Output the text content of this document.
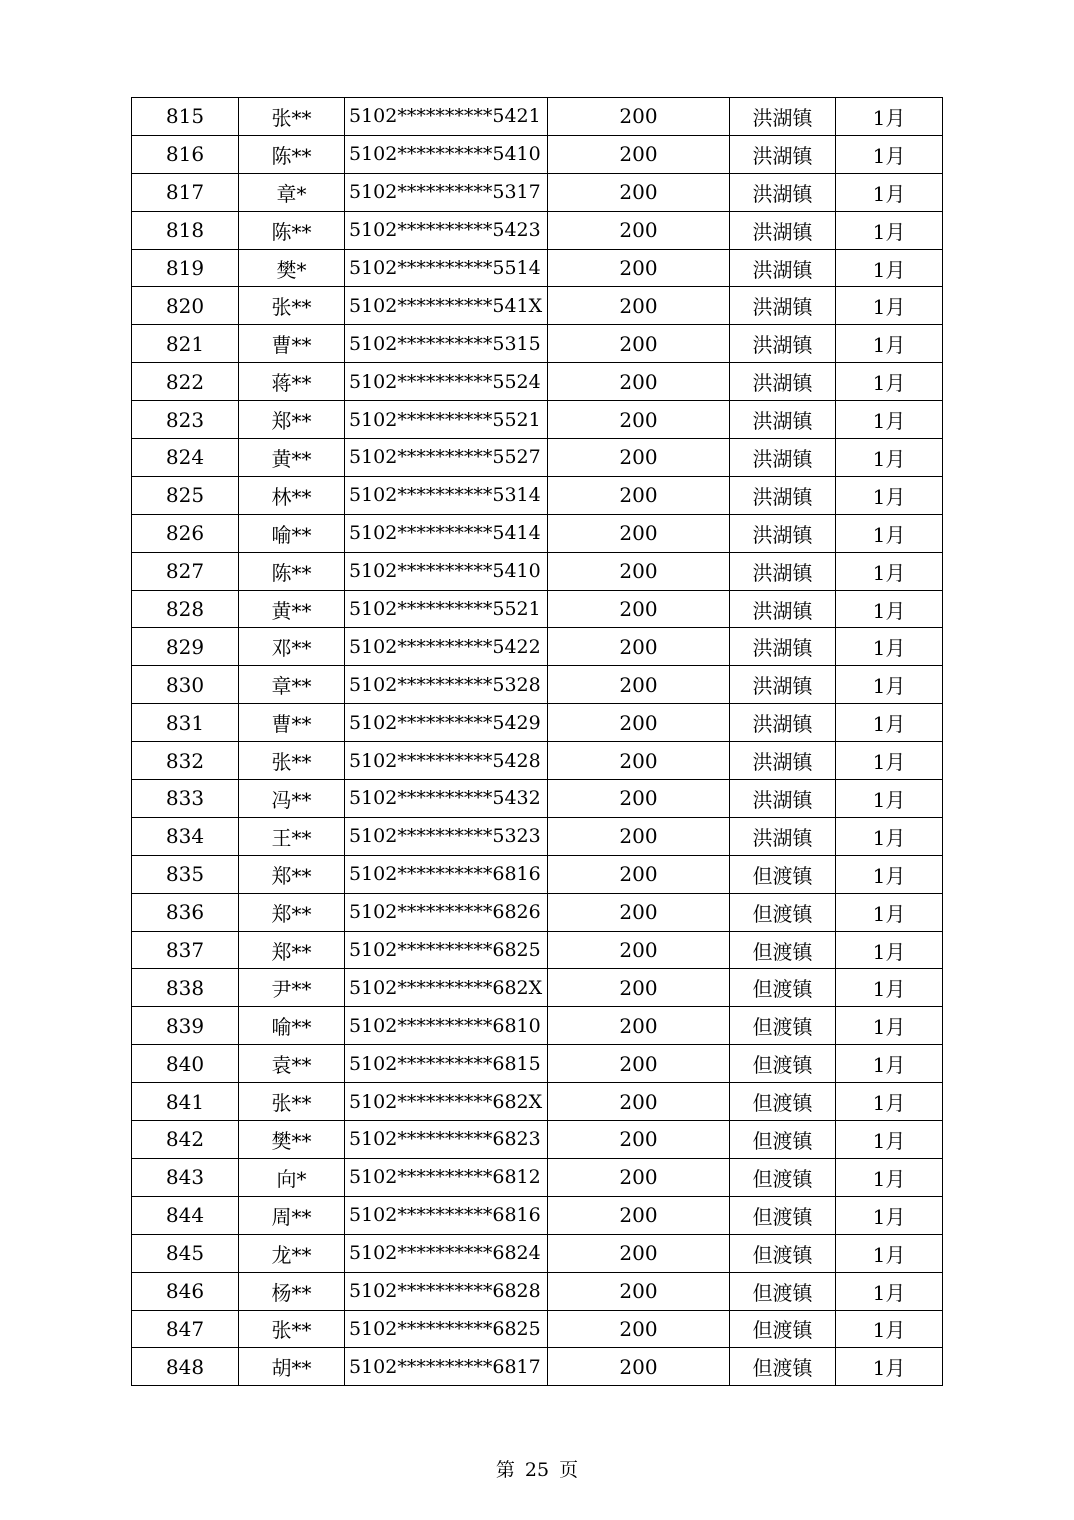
815	张**	5102**********5421	200	洪湖镇	1月
816	陈**	5102**********5410	200	洪湖镇	1月
817	章*	5102**********5317	200	洪湖镇	1月
818	陈**	5102**********5423	200	洪湖镇	1月
819	樊*	5102**********5514	200	洪湖镇	1月
820	张**	5102**********541X	200	洪湖镇	1月
821	曹**	5102**********5315	200	洪湖镇	1月
822	蒋**	5102**********5524	200	洪湖镇	1月
823	郑**	5102**********5521	200	洪湖镇	1月
824	黄**	5102**********5527	200	洪湖镇	1月
825	林**	5102**********5314	200	洪湖镇	1月
826	喻**	5102**********5414	200	洪湖镇	1月
827	陈**	5102**********5410	200	洪湖镇	1月
828	黄**	5102**********5521	200	洪湖镇	1月
829	邓**	5102**********5422	200	洪湖镇	1月
830	章**	5102**********5328	200	洪湖镇	1月
831	曹**	5102**********5429	200	洪湖镇	1月
832	张**	5102**********5428	200	洪湖镇	1月
833	冯**	5102**********5432	200	洪湖镇	1月
834	王**	5102**********5323	200	洪湖镇	1月
835	郑**	5102**********6816	200	但渡镇	1月
836	郑**	5102**********6826	200	但渡镇	1月
837	郑**	5102**********6825	200	但渡镇	1月
838	尹**	5102**********682X	200	但渡镇	1月
839	喻**	5102**********6810	200	但渡镇	1月
840	袁**	5102**********6815	200	但渡镇	1月
841	张**	5102**********682X	200	但渡镇	1月
842	樊**	5102**********6823	200	但渡镇	1月
843	向*	5102**********6812	200	但渡镇	1月
844	周**	5102**********6816	200	但渡镇	1月
845	龙**	5102**********6824	200	但渡镇	1月
846	杨**	5102**********6828	200	但渡镇	1月
847	张**	5102**********6825	200	但渡镇	1月
848	胡**	5102**********6817	200	但渡镇	1月
第 25 页
